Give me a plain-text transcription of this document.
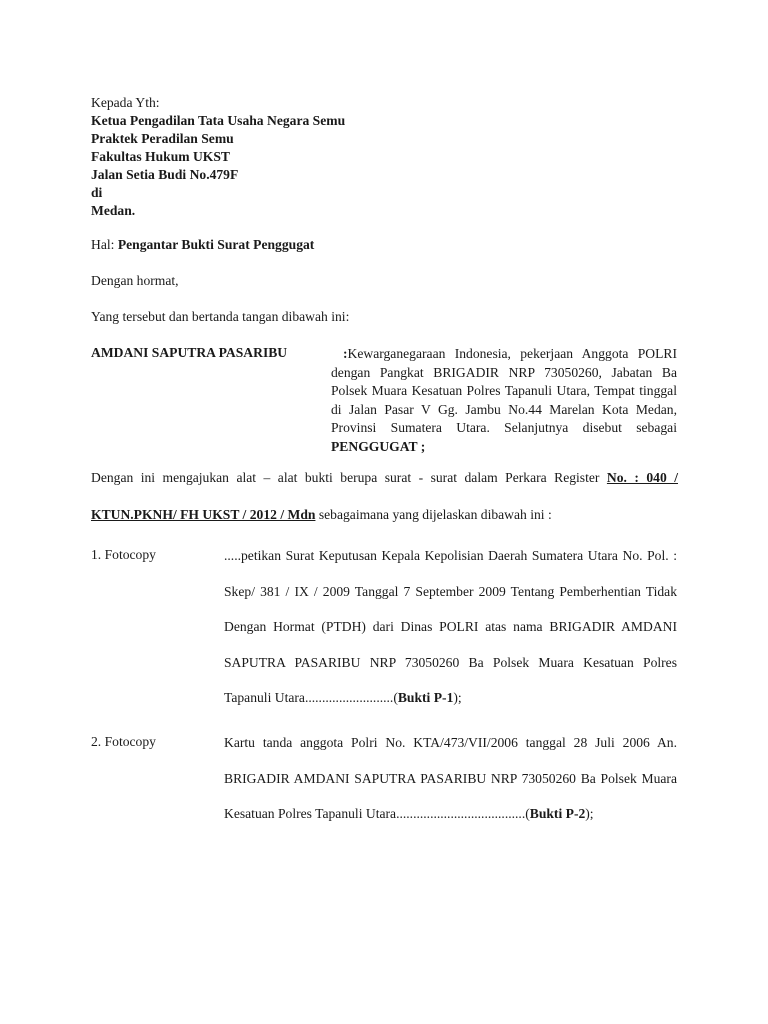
Kepada Yth:
Ketua Pengadilan Tata Usaha Negara Semu
Praktek Peradilan Semu
Fakultas Hukum UKST
Jalan Setia Budi No.479F
di
Medan.
Hal: Pengantar Bukti Surat Penggugat
Dengan hormat,
Yang tersebut dan bertanda tangan dibawah ini:
AMDANI SAPUTRA PASARIBU	:Kewarganegaraan Indonesia, pekerjaan Anggota POLRI dengan Pangkat BRIGADIR NRP 73050260, Jabatan Ba Polsek Muara Kesatuan Polres Tapanuli Utara, Tempat tinggal di Jalan Pasar V Gg. Jambu No.44 Marelan Kota Medan, Provinsi Sumatera Utara. Selanjutnya disebut sebagai PENGGUGAT ;
Dengan ini mengajukan alat – alat bukti berupa surat - surat dalam Perkara Register No. : 040 / KTUN.PKNH/ FH UKST / 2012 / Mdn sebagaimana yang dijelaskan dibawah ini :
1. Fotocopy	.....petikan Surat Keputusan Kepala Kepolisian Daerah Sumatera Utara No. Pol. : Skep/ 381 / IX / 2009 Tanggal 7 September 2009 Tentang Pemberhentian Tidak Dengan Hormat (PTDH) dari Dinas POLRI atas nama BRIGADIR AMDANI SAPUTRA PASARIBU NRP 73050260 Ba Polsek Muara Kesatuan Polres Tapanuli Utara..........................(Bukti P-1);
2. Fotocopy	Kartu tanda anggota Polri No. KTA/473/VII/2006 tanggal 28 Juli 2006 An. BRIGADIR AMDANI SAPUTRA PASARIBU NRP 73050260 Ba Polsek Muara Kesatuan Polres Tapanuli Utara......................................(Bukti P-2);
